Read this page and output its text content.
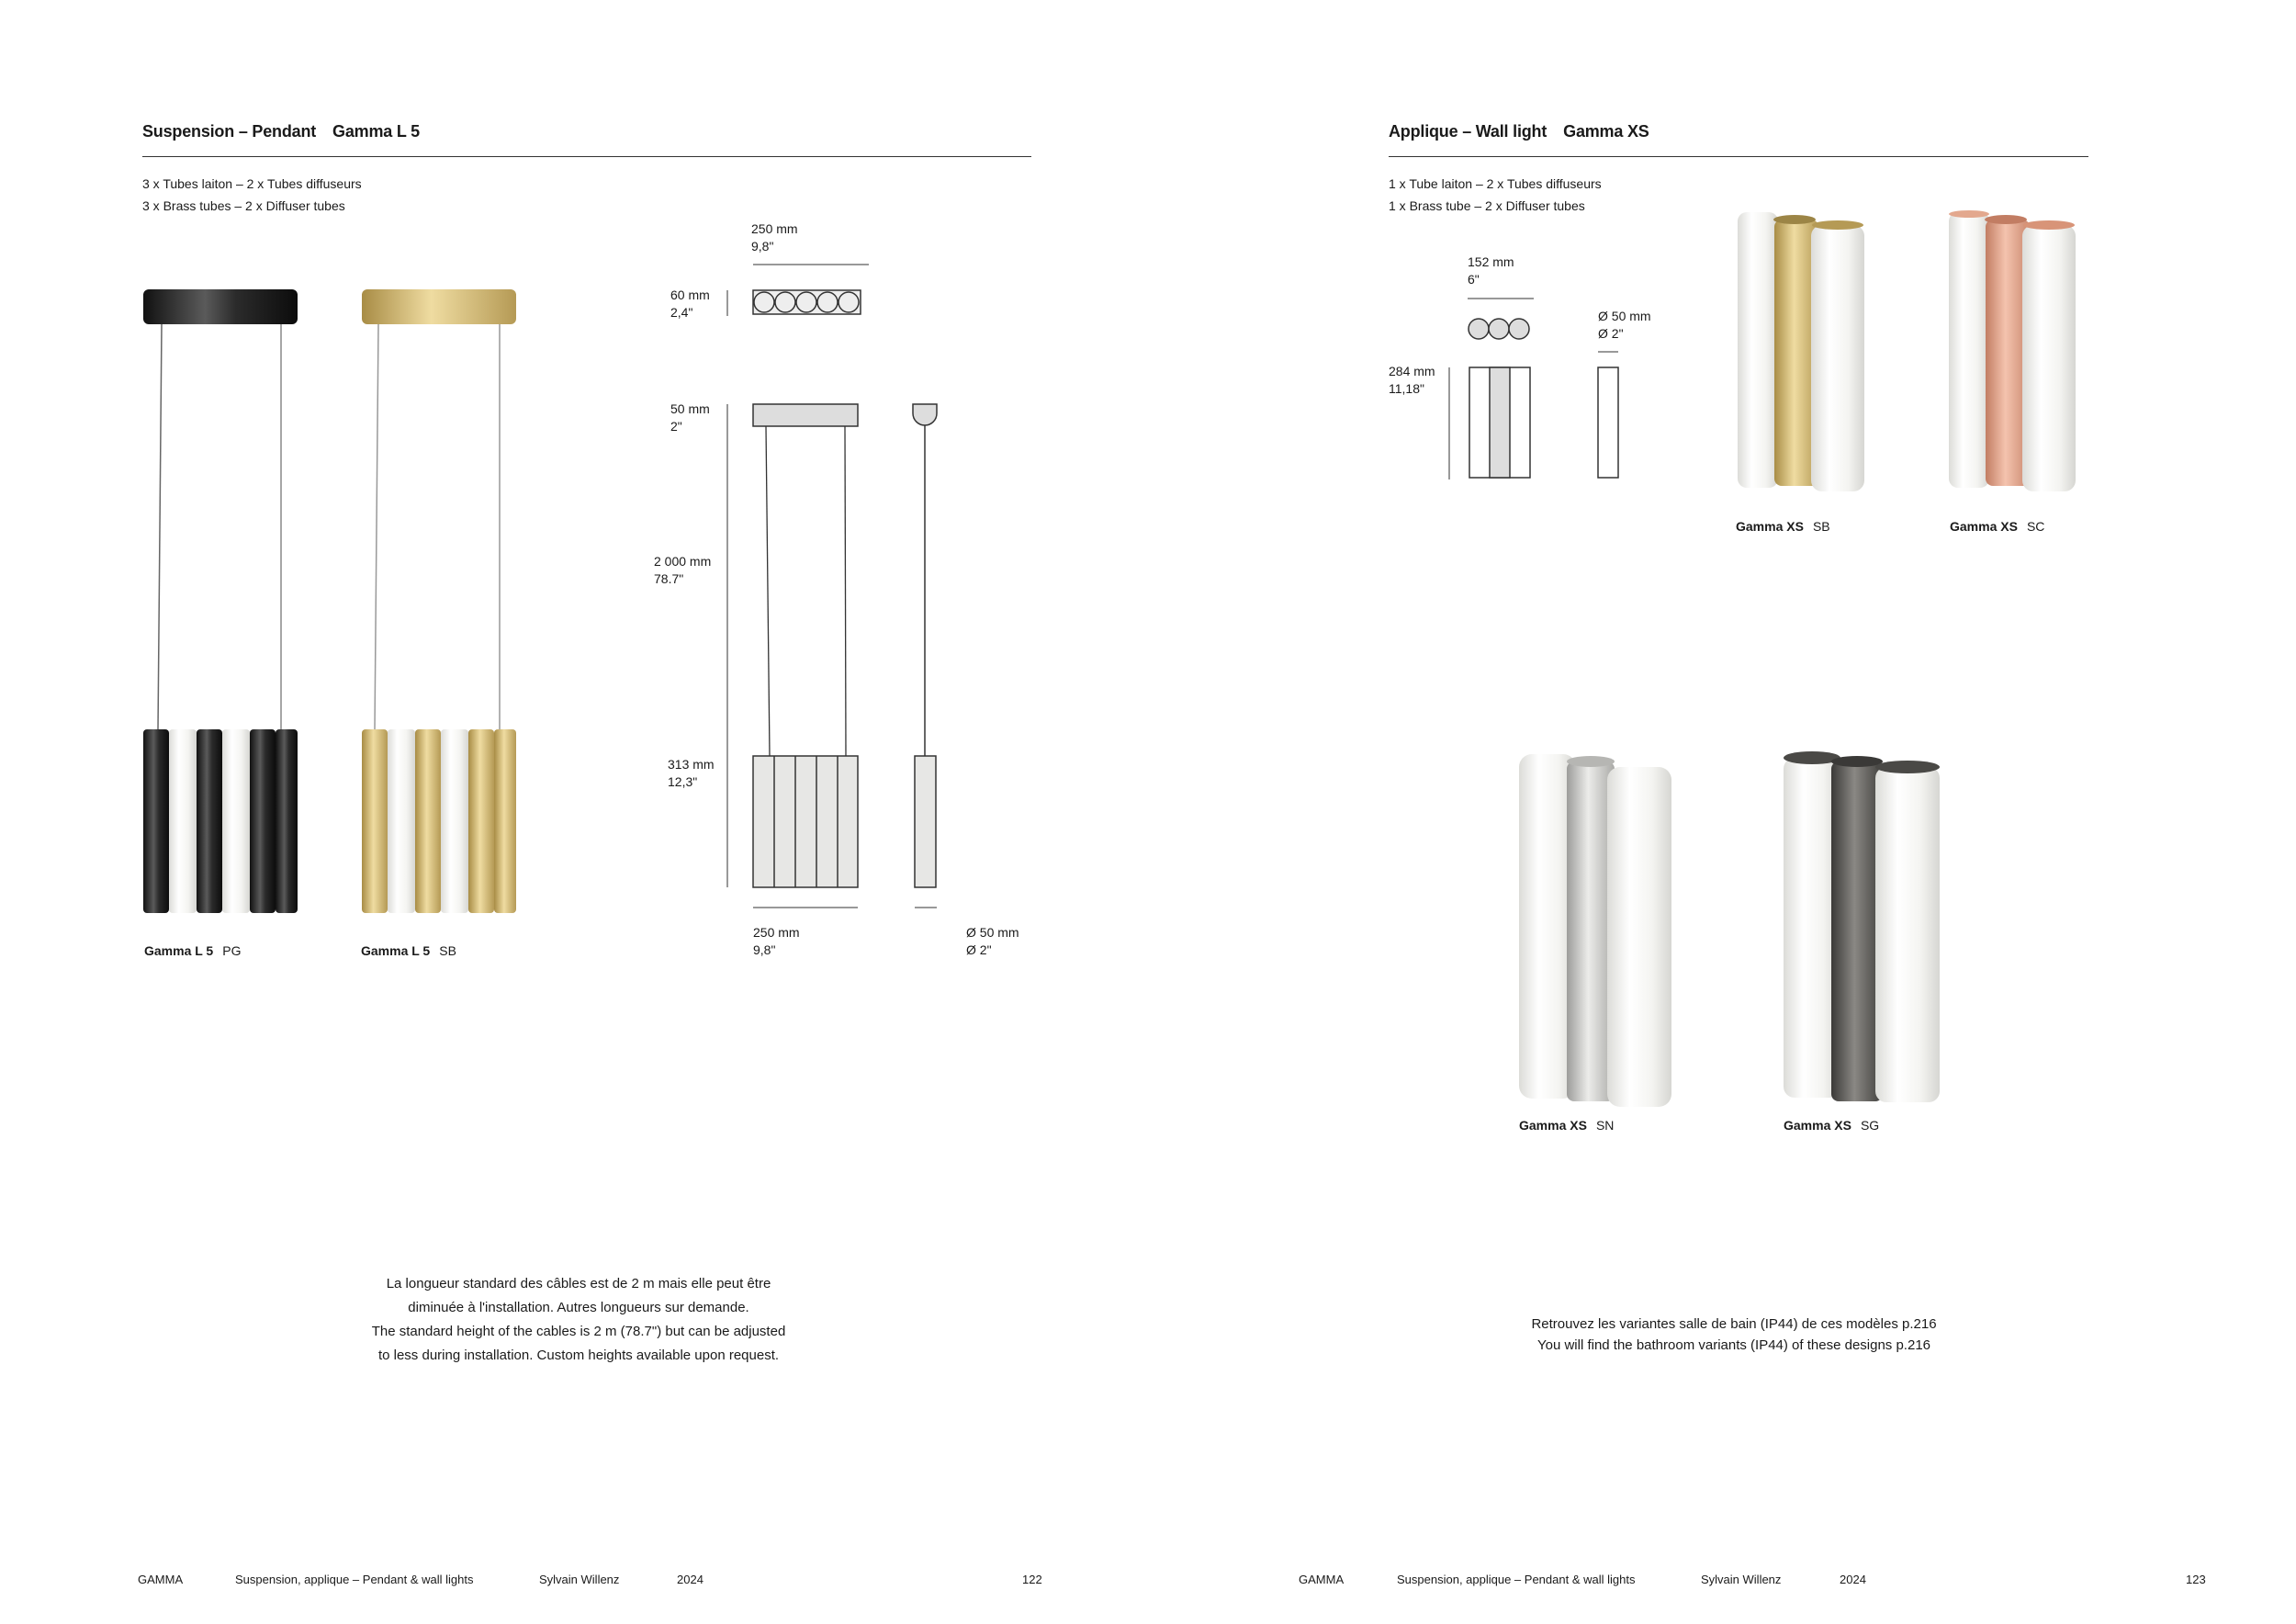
Suspension – Pendant Gamma L 5
3 x Tubes laiton – 2 x Tubes diffuseurs
3 x Brass tubes – 2 x Diffuser tubes
Gamma L 5 PG	Gamma L 5 SB
250 mm
9,8"
60 mm
2,4"
50 mm
2"
2 000 mm
78.7"
313 mm
12,3"
250 mm
9,8"
Ø 50 mm
Ø 2"
La longueur standard des câbles est de 2 m mais elle peut être
diminuée à l'installation. Autres longueurs sur demande.
The standard height of the cables is 2 m (78.7") but can be adjusted
to less during installation. Custom heights available upon request.
GAMMA	Suspension, applique – Pendant & wall lights	Sylvain Willenz	2024	122
Applique – Wall light Gamma XS
1 x Tube laiton – 2 x Tubes diffuseurs
1 x Brass tube – 2 x Diffuser tubes
152 mm
6"
284 mm
11,18"
Ø 50 mm
Ø 2"
Gamma XS SB	Gamma XS SC
Gamma XS SN	Gamma XS SG
Retrouvez les variantes salle de bain (IP44) de ces modèles p.216
You will find the bathroom variants (IP44) of these designs p.216
GAMMA	Suspension, applique – Pendant & wall lights	Sylvain Willenz	2024	123
